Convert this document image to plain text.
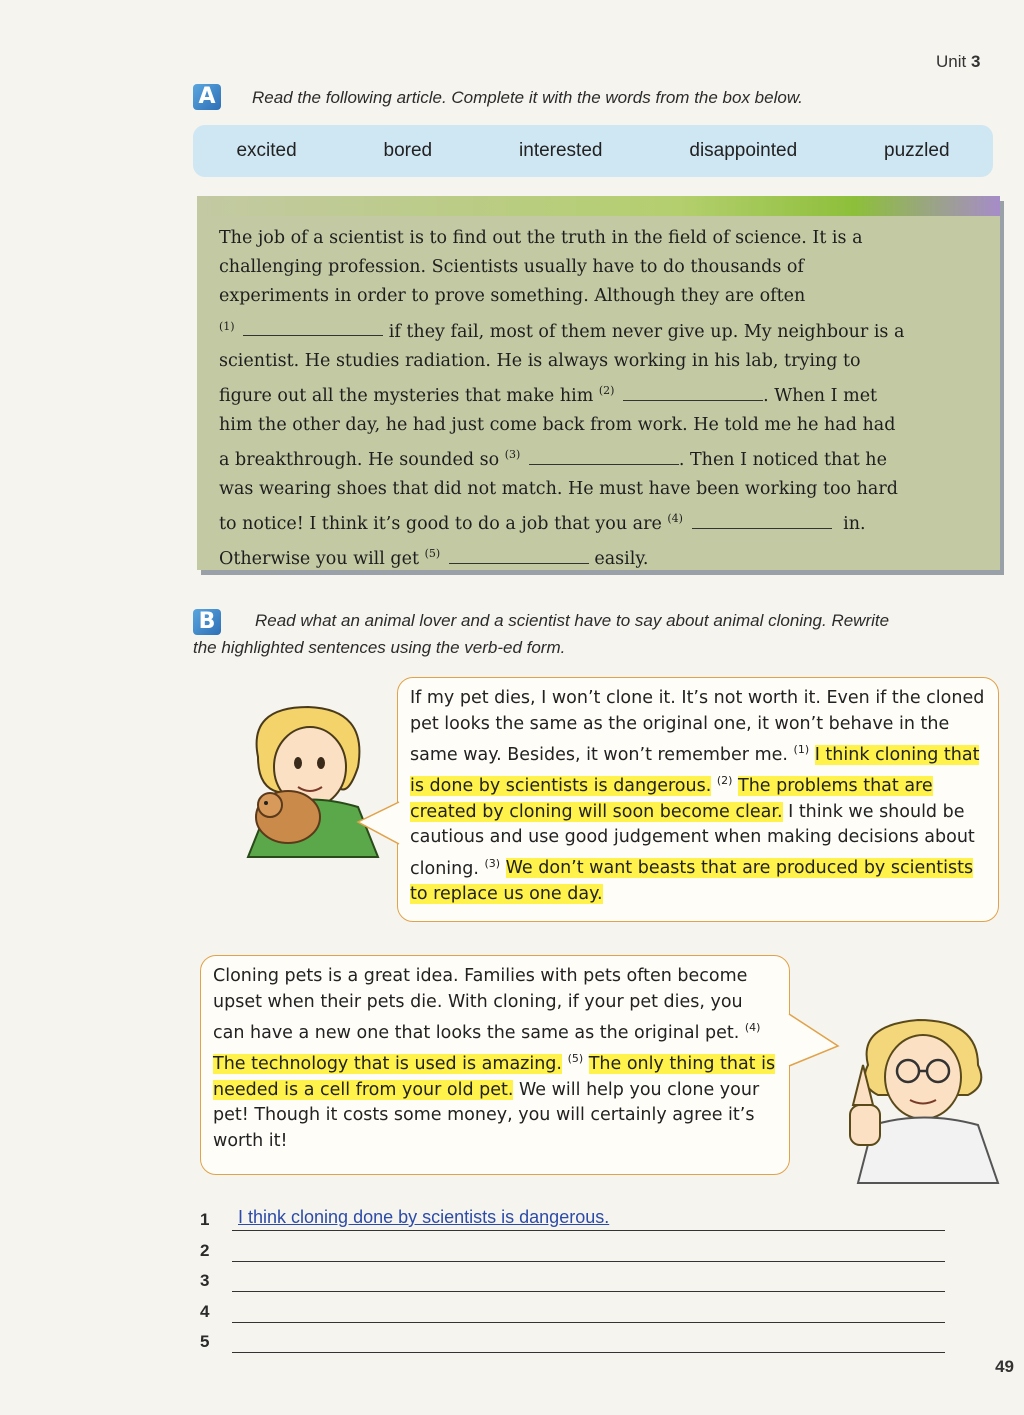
Unit 3
A	Read the following article. Complete it with the words from the box below.
excited	bored	interested	disappointed	puzzled
The job of a scientist is to find out the truth in the field of science. It is a
challenging profession. Scientists usually have to do thousands of
experiments in order to prove something. Although they are often
$^{(1)}$	if they fail, most of them never give up. My neighbour is a
scientist. He studies radiation. He is always working in his lab, trying to
figure out all the mysteries that make him $^{(2)}$	. When I met
him the other day, he had just come back from work. He told me he had had
a breakthrough. He sounded so $^{(3)}$	. Then I noticed that he
was wearing shoes that did not match. He must have been working too hard
to notice! I think it’s good to do a job that you are $^{(4)}$	in.
Otherwise you will get $^{(5)}$	easily.
B	Read what an animal lover and a scientist have to say about animal cloning. Rewrite
the highlighted sentences using the verb-ed form.
If my pet dies, I won’t clone it. It’s not worth it. Even if the cloned pet looks the same as the original one, it won’t behave in the same way. Besides, it won’t remember me. $^{(1)}$ I think cloning that is done by scientists is dangerous. $^{(2)}$ The problems that are created by cloning will soon become clear. I think we should be cautious and use good judgement when making decisions about cloning. $^{(3)}$ We don’t want beasts that are produced by scientists to replace us one day.
Cloning pets is a great idea. Families with pets often become upset when their pets die. With cloning, if your pet dies, you can have a new one that looks the same as the original pet. $^{(4)}$ The technology that is used is amazing. $^{(5)}$ The only thing that is needed is a cell from your old pet. We will help you clone your pet! Though it costs some money, you will certainly agree it’s worth it!
1 I think cloning done by scientists is dangerous.
2
3
4
5
49
